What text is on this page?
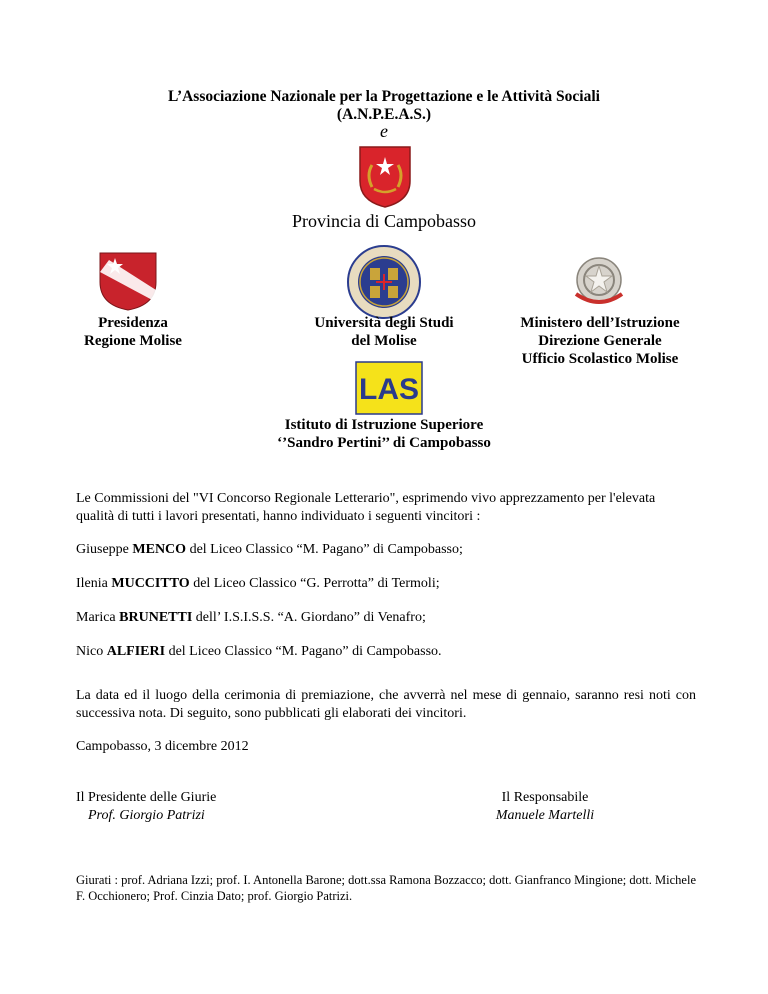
L’Associazione Nazionale per la Progettazione e le Attività Sociali
(A.N.P.E.A.S.)
e
Provincia di Campobasso
Presidenza
Regione Molise
Università degli Studi
del Molise
Ministero dell’Istruzione
Direzione Generale
Ufficio Scolastico Molise
LAS
Istituto di Istruzione Superiore
‘’Sandro Pertini’’ di Campobasso

Le Commissioni del "VI Concorso Regionale Letterario", esprimendo vivo apprezzamento per l'elevata qualità di tutti i lavori presentati, hanno individuato i seguenti vincitori :

Giuseppe MENCO del Liceo Classico “M. Pagano” di Campobasso;

Ilenia MUCCITTO del Liceo Classico “G. Perrotta” di Termoli;

Marica BRUNETTI dell’ I.S.I.S.S. “A. Giordano” di Venafro;

Nico ALFIERI del Liceo Classico “M. Pagano” di Campobasso.

La data ed il luogo della cerimonia di premiazione, che avverrà nel mese di gennaio, saranno resi noti con successiva nota. Di seguito, sono pubblicati gli elaborati dei vincitori.

Campobasso, 3 dicembre 2012

Il Presidente delle Giurie
Prof. Giorgio Patrizi
Il Responsabile
Manuele Martelli

Giurati : prof. Adriana Izzi; prof. I. Antonella Barone; dott.ssa Ramona Bozzacco; dott. Gianfranco Mingione; dott. Michele F. Occhionero; Prof. Cinzia Dato; prof. Giorgio Patrizi.
